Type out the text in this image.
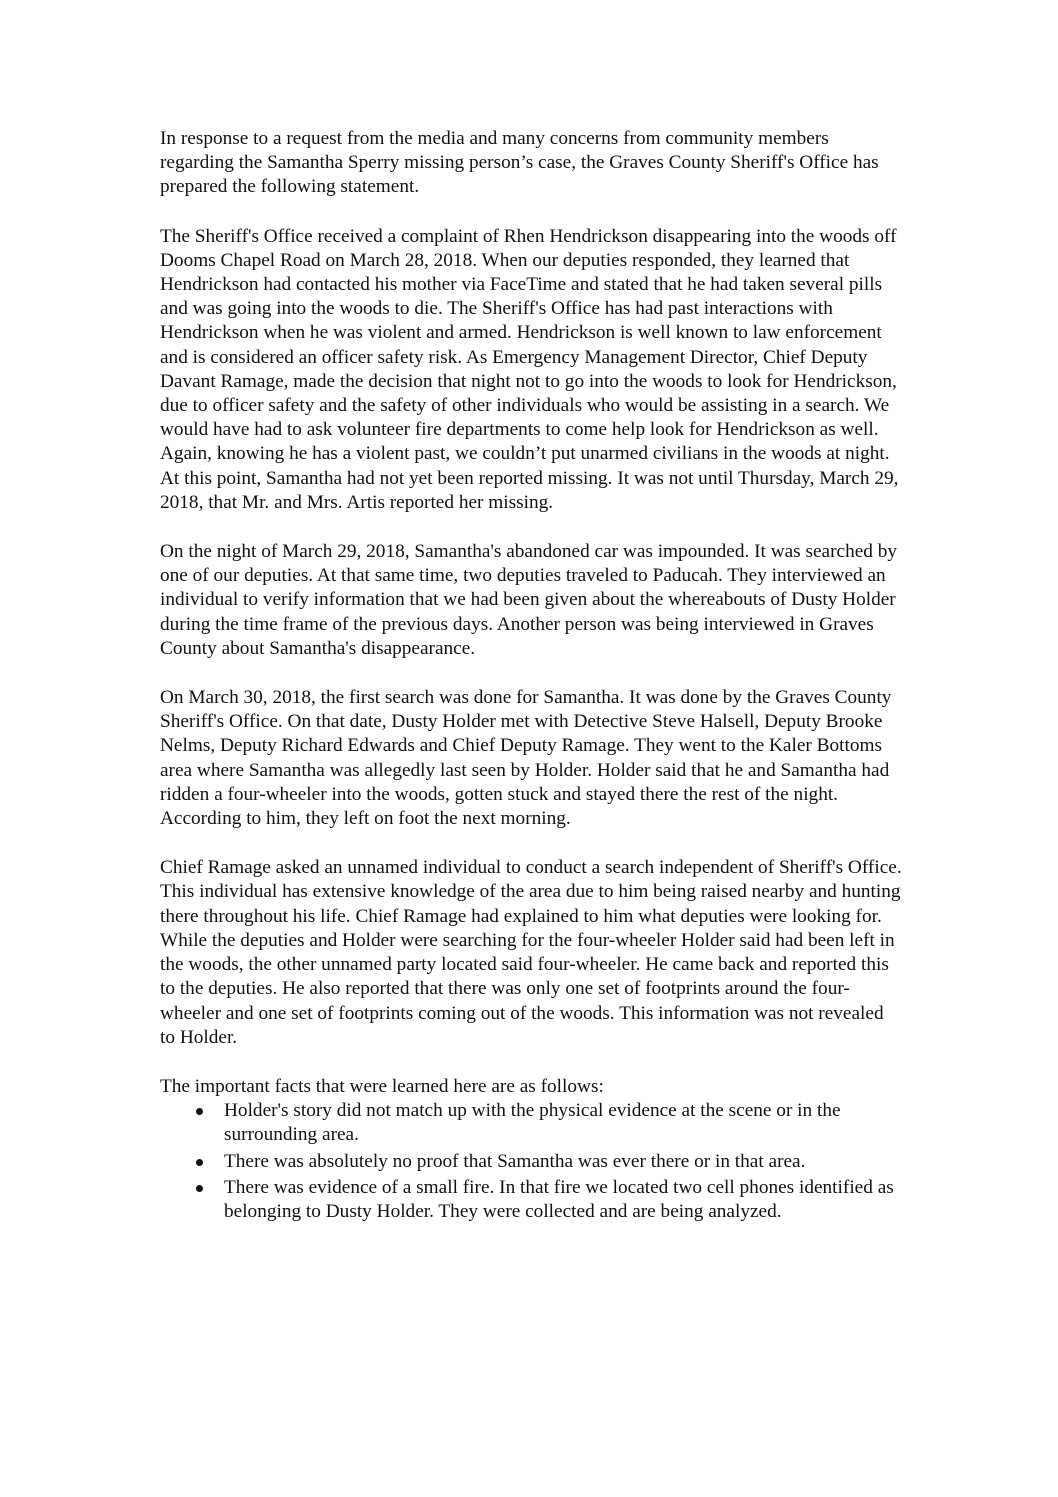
In response to a request from the media and many concerns from community members regarding the Samantha Sperry missing person’s case, the Graves County Sheriff's Office has prepared the following statement.

The Sheriff's Office received a complaint of Rhen Hendrickson disappearing into the woods off Dooms Chapel Road on March 28, 2018. When our deputies responded, they learned that Hendrickson had contacted his mother via FaceTime and stated that he had taken several pills and was going into the woods to die. The Sheriff's Office has had past interactions with Hendrickson when he was violent and armed. Hendrickson is well known to law enforcement and is considered an officer safety risk. As Emergency Management Director, Chief Deputy Davant Ramage, made the decision that night not to go into the woods to look for Hendrickson, due to officer safety and the safety of other individuals who would be assisting in a search. We would have had to ask volunteer fire departments to come help look for Hendrickson as well. Again, knowing he has a violent past, we couldn’t put unarmed civilians in the woods at night. At this point, Samantha had not yet been reported missing. It was not until Thursday, March 29, 2018, that Mr. and Mrs. Artis reported her missing.

On the night of March 29, 2018, Samantha's abandoned car was impounded. It was searched by one of our deputies. At that same time, two deputies traveled to Paducah. They interviewed an individual to verify information that we had been given about the whereabouts of Dusty Holder during the time frame of the previous days. Another person was being interviewed in Graves County about Samantha's disappearance.

On March 30, 2018, the first search was done for Samantha. It was done by the Graves County Sheriff's Office. On that date, Dusty Holder met with Detective Steve Halsell, Deputy Brooke Nelms, Deputy Richard Edwards and Chief Deputy Ramage. They went to the Kaler Bottoms area where Samantha was allegedly last seen by Holder. Holder said that he and Samantha had ridden a four-wheeler into the woods, gotten stuck and stayed there the rest of the night. According to him, they left on foot the next morning.

Chief Ramage asked an unnamed individual to conduct a search independent of Sheriff's Office. This individual has extensive knowledge of the area due to him being raised nearby and hunting there throughout his life. Chief Ramage had explained to him what deputies were looking for. While the deputies and Holder were searching for the four-wheeler Holder said had been left in the woods, the other unnamed party located said four-wheeler. He came back and reported this to the deputies. He also reported that there was only one set of footprints around the four-wheeler and one set of footprints coming out of the woods. This information was not revealed to Holder.

The important facts that were learned here are as follows:

Holder's story did not match up with the physical evidence at the scene or in the surrounding area.
There was absolutely no proof that Samantha was ever there or in that area.
There was evidence of a small fire. In that fire we located two cell phones identified as belonging to Dusty Holder. They were collected and are being analyzed.
